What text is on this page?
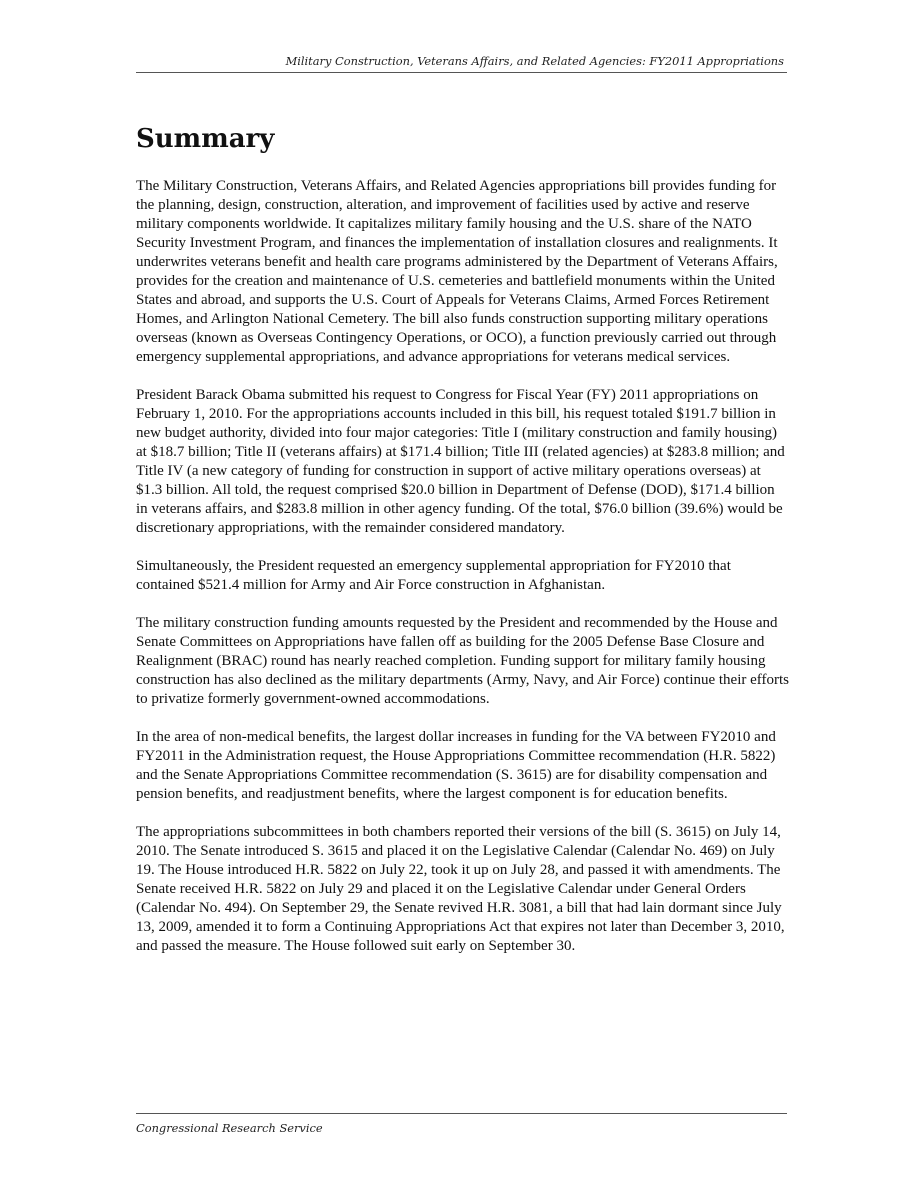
Military Construction, Veterans Affairs, and Related Agencies: FY2011 Appropriations
Summary

The Military Construction, Veterans Affairs, and Related Agencies appropriations bill provides funding for the planning, design, construction, alteration, and improvement of facilities used by active and reserve military components worldwide. It capitalizes military family housing and the U.S. share of the NATO Security Investment Program, and finances the implementation of installation closures and realignments. It underwrites veterans benefit and health care programs administered by the Department of Veterans Affairs, provides for the creation and maintenance of U.S. cemeteries and battlefield monuments within the United States and abroad, and supports the U.S. Court of Appeals for Veterans Claims, Armed Forces Retirement Homes, and Arlington National Cemetery. The bill also funds construction supporting military operations overseas (known as Overseas Contingency Operations, or OCO), a function previously carried out through emergency supplemental appropriations, and advance appropriations for veterans medical services.

President Barack Obama submitted his request to Congress for Fiscal Year (FY) 2011 appropriations on February 1, 2010. For the appropriations accounts included in this bill, his request totaled $191.7 billion in new budget authority, divided into four major categories: Title I (military construction and family housing) at $18.7 billion; Title II (veterans affairs) at $171.4 billion; Title III (related agencies) at $283.8 million; and Title IV (a new category of funding for construction in support of active military operations overseas) at $1.3 billion. All told, the request comprised $20.0 billion in Department of Defense (DOD), $171.4 billion in veterans affairs, and $283.8 million in other agency funding. Of the total, $76.0 billion (39.6%) would be discretionary appropriations, with the remainder considered mandatory.

Simultaneously, the President requested an emergency supplemental appropriation for FY2010 that contained $521.4 million for Army and Air Force construction in Afghanistan.

The military construction funding amounts requested by the President and recommended by the House and Senate Committees on Appropriations have fallen off as building for the 2005 Defense Base Closure and Realignment (BRAC) round has nearly reached completion. Funding support for military family housing construction has also declined as the military departments (Army, Navy, and Air Force) continue their efforts to privatize formerly government-owned accommodations.

In the area of non-medical benefits, the largest dollar increases in funding for the VA between FY2010 and FY2011 in the Administration request, the House Appropriations Committee recommendation (H.R. 5822) and the Senate Appropriations Committee recommendation (S. 3615) are for disability compensation and pension benefits, and readjustment benefits, where the largest component is for education benefits.

The appropriations subcommittees in both chambers reported their versions of the bill (S. 3615) on July 14, 2010. The Senate introduced S. 3615 and placed it on the Legislative Calendar (Calendar No. 469) on July 19. The House introduced H.R. 5822 on July 22, took it up on July 28, and passed it with amendments. The Senate received H.R. 5822 on July 29 and placed it on the Legislative Calendar under General Orders (Calendar No. 494). On September 29, the Senate revived H.R. 3081, a bill that had lain dormant since July 13, 2009, amended it to form a Continuing Appropriations Act that expires not later than December 3, 2010, and passed the measure. The House followed suit early on September 30.

Congressional Research Service
